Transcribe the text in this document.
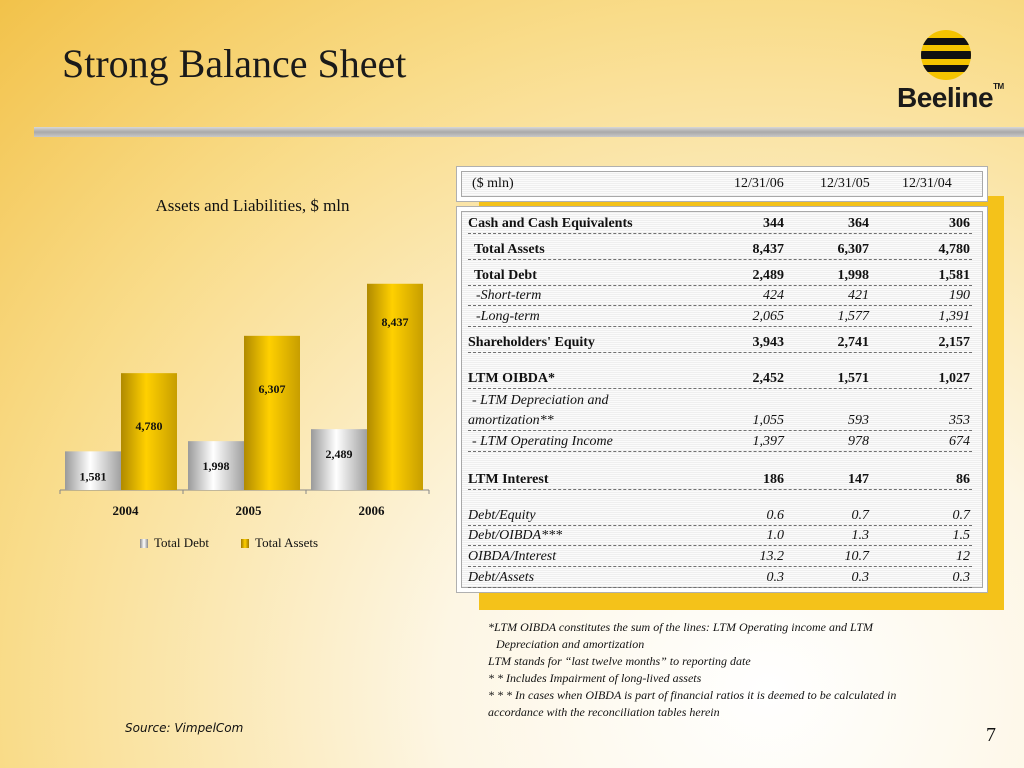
Strong Balance Sheet
Beeline™
Assets and Liabilities, $ mln
1,581
4,780
2004
1,998
6,307
2005
2,489
8,437
2006
Total Debt	Total Assets
($ mln)	12/31/06	12/31/05 12/31/04
Cash and Cash Equivalents	344	364	306
Total Assets	8,437	6,307	4,780
Total Debt	2,489	1,998	1,581
-Short-term	424	421	190
-Long-term	2,065	1,577	1,391
Shareholders' Equity	3,943	2,741	2,157
LTM OIBDA*	2,452	1,571	1,027
- LTM Depreciation and
amortization**	1,055	593	353
- LTM Operating Income	1,397	978	674
LTM Interest	186	147	86
Debt/Equity	0.6	0.7	0.7
Debt/OIBDA***	1.0	1.3	1.5
OIBDA/Interest	13.2	10.7	12
Debt/Assets	0.3	0.3	0.3
*LTM OIBDA constitutes the sum of the lines: LTM Operating income and LTM
Depreciation and amortization
LTM stands for “last twelve months” to reporting date
* * Includes Impairment of long-lived assets
* * * In cases when OIBDA is part of financial ratios it is deemed to be calculated in
accordance with the reconciliation tables herein
Source: VimpelCom	7
